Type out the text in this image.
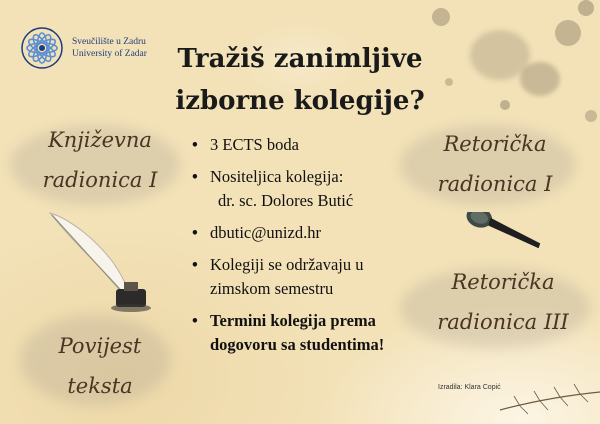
Sveučilište u Zadru
University of Zadar	Tražiš zanimljive
izborne kolegije?
Književna
radionica I
Povijest
teksta
Retorička
radionica I
Retorička
radionica III
• 3 ECTS boda
• Nositeljica kolegija:
dr. sc. Dolores Butić
• dbutic@unizd.hr
• Kolegiji se održavaju u
zimskom semestru
• Termini kolegija prema
dogovoru sa studentima!
Izradila: Klara Copić
